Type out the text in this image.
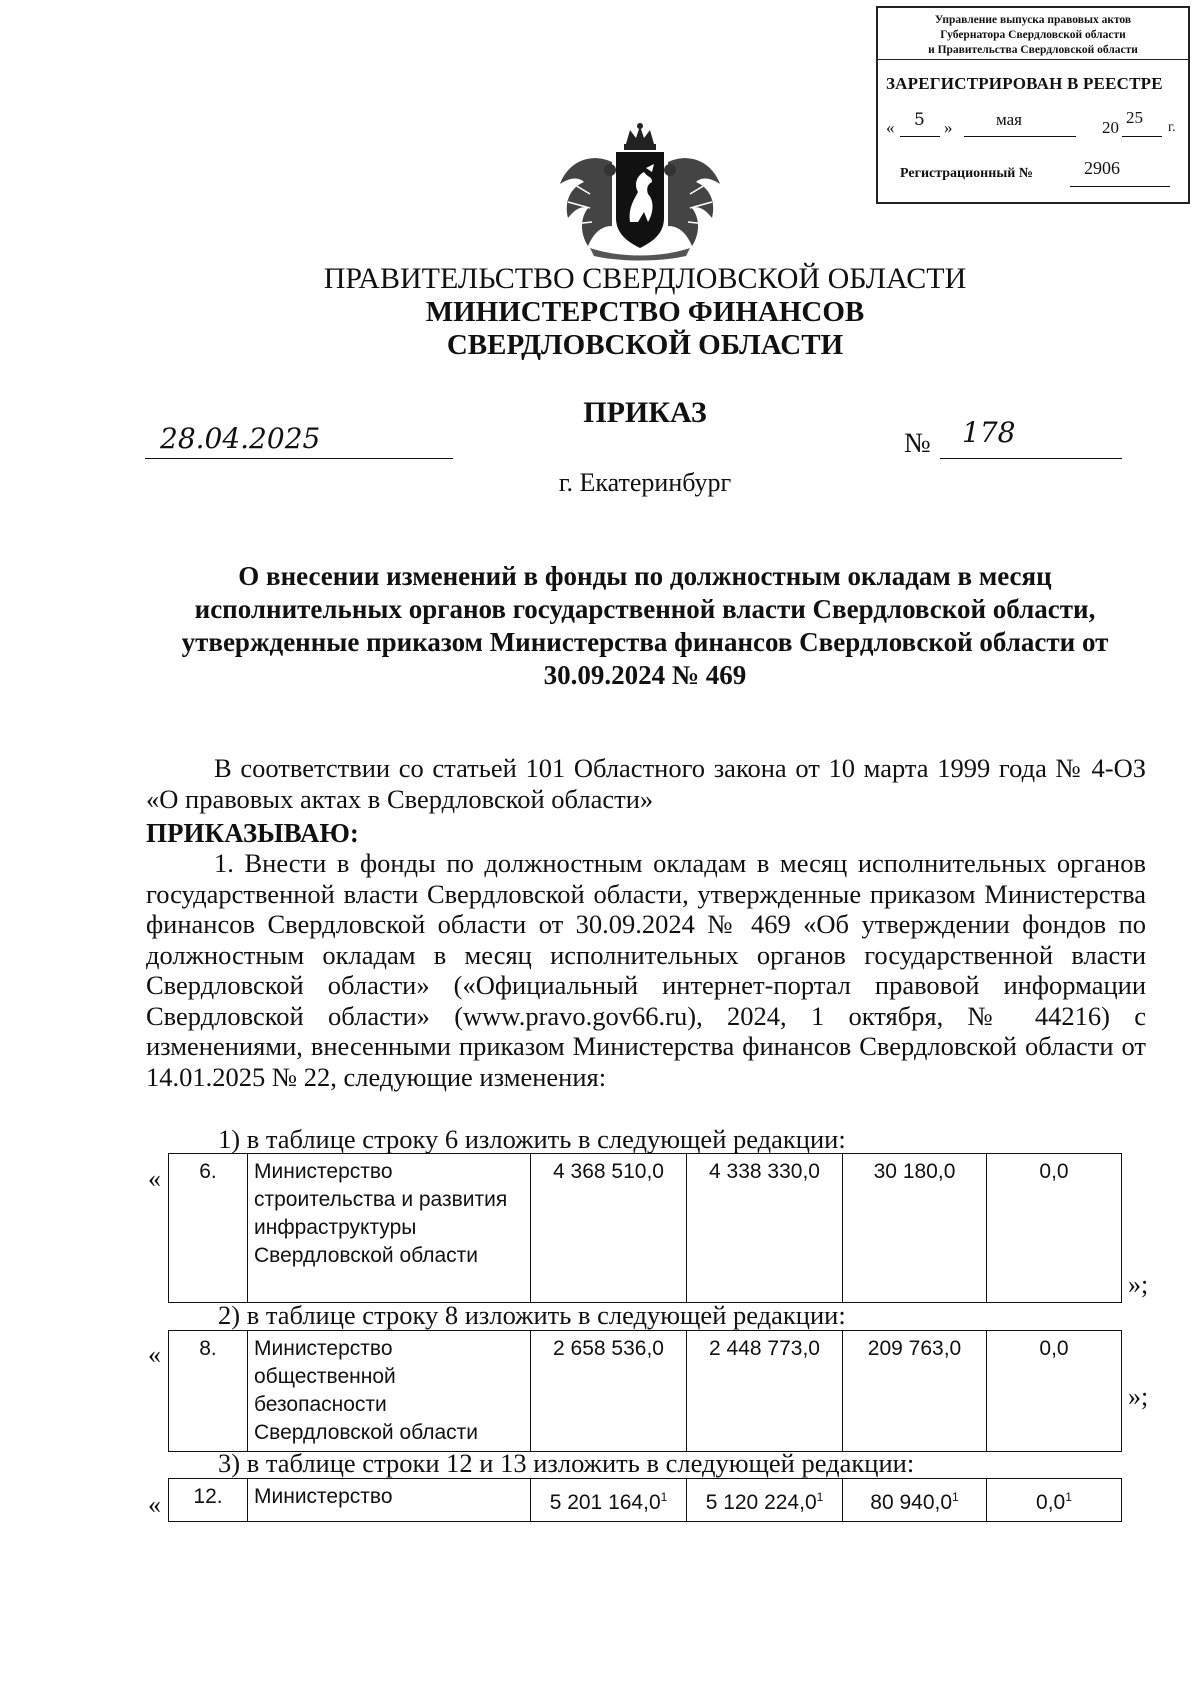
Управление выпуска правовых актов
Губернатора Свердловской области
и Правительства Свердловской области
ЗАРЕГИСТРИРОВАН В РЕЕСТРЕ
« 5 »	мая	20
25
г.
Регистрационный №	2906
ПРАВИТЕЛЬСТВО СВЕРДЛОВСКОЙ ОБЛАСТИ
МИНИСТЕРСТВО ФИНАНСОВ
СВЕРДЛОВСКОЙ ОБЛАСТИ
ПРИКАЗ
28.04.2025	№ 178
г. Екатеринбург
О внесении изменений в фонды по должностным окладам в месяц исполнительных органов государственной власти Свердловской области, утвержденные приказом Министерства финансов Свердловской области от 30.09.2024 № 469
В соответствии со статьей 101 Областного закона от 10 марта 1999 года № 4-ОЗ «О правовых актах в Свердловской области»
ПРИКАЗЫВАЮ:
1. Внести в фонды по должностным окладам в месяц исполнительных органов государственной власти Свердловской области, утвержденные приказом Министерства финансов Свердловской области от 30.09.2024 № 469 «Об утверждении фондов по должностным окладам в месяц исполнительных органов государственной власти Свердловской области» («Официальный интернет-портал правовой информации Свердловской области» (www.pravo.gov66.ru), 2024, 1 октября, № 44216) с изменениями, внесенными приказом Министерства финансов Свердловской области от 14.01.2025 № 22, следующие изменения:
1) в таблице строку 6 изложить в следующей редакции:
« 6.	Министерство строительства и развития инфраструктуры Свердловской области	4 368 510,0	4 338 330,0	30 180,0	0,0
»;
2) в таблице строку 8 изложить в следующей редакции:
« 8.	Министерство общественной безопасности Свердловской области	2 658 536,0	2 448 773,0	209 763,0	0,0
»;
3) в таблице строки 12 и 13 изложить в следующей редакции:
« 12.	Министерство	5 201 164,0$^1$	5 120 224,0$^1$	80 940,0$^1$	$0,0^1$
